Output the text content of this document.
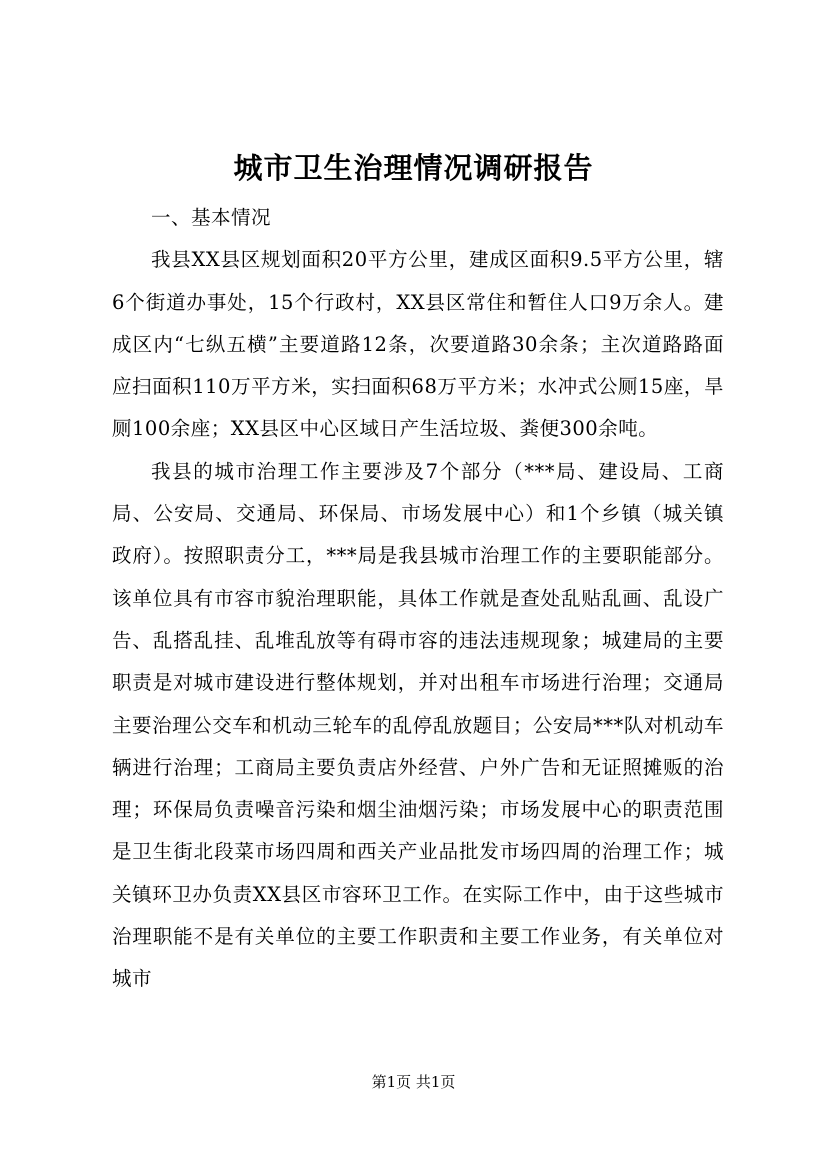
城市卫生治理情况调研报告

一、基本情况

我县XX县区规划面积20平方公里，建成区面积9.5平方公里，辖6个街道办事处，15个行政村，XX县区常住和暂住人口9万余人。建成区内“七纵五横”主要道路12条，次要道路30余条；主次道路路面应扫面积110万平方米，实扫面积68万平方米；水冲式公厕15座，旱厕100余座；XX县区中心区域日产生活垃圾、粪便300余吨。

我县的城市治理工作主要涉及7个部分（***局、建设局、工商局、公安局、交通局、环保局、市场发展中心）和1个乡镇（城关镇政府）。按照职责分工，***局是我县城市治理工作的主要职能部分。该单位具有市容市貌治理职能，具体工作就是查处乱贴乱画、乱设广告、乱搭乱挂、乱堆乱放等有碍市容的违法违规现象；城建局的主要职责是对城市建设进行整体规划，并对出租车市场进行治理；交通局主要治理公交车和机动三轮车的乱停乱放题目；公安局***队对机动车辆进行治理；工商局主要负责店外经营、户外广告和无证照摊贩的治理；环保局负责噪音污染和烟尘油烟污染；市场发展中心的职责范围是卫生街北段菜市场四周和西关产业品批发市场四周的治理工作；城关镇环卫办负责XX县区市容环卫工作。在实际工作中，由于这些城市治理职能不是有关单位的主要工作职责和主要工作业务，有关单位对城市

第1页 共1页
